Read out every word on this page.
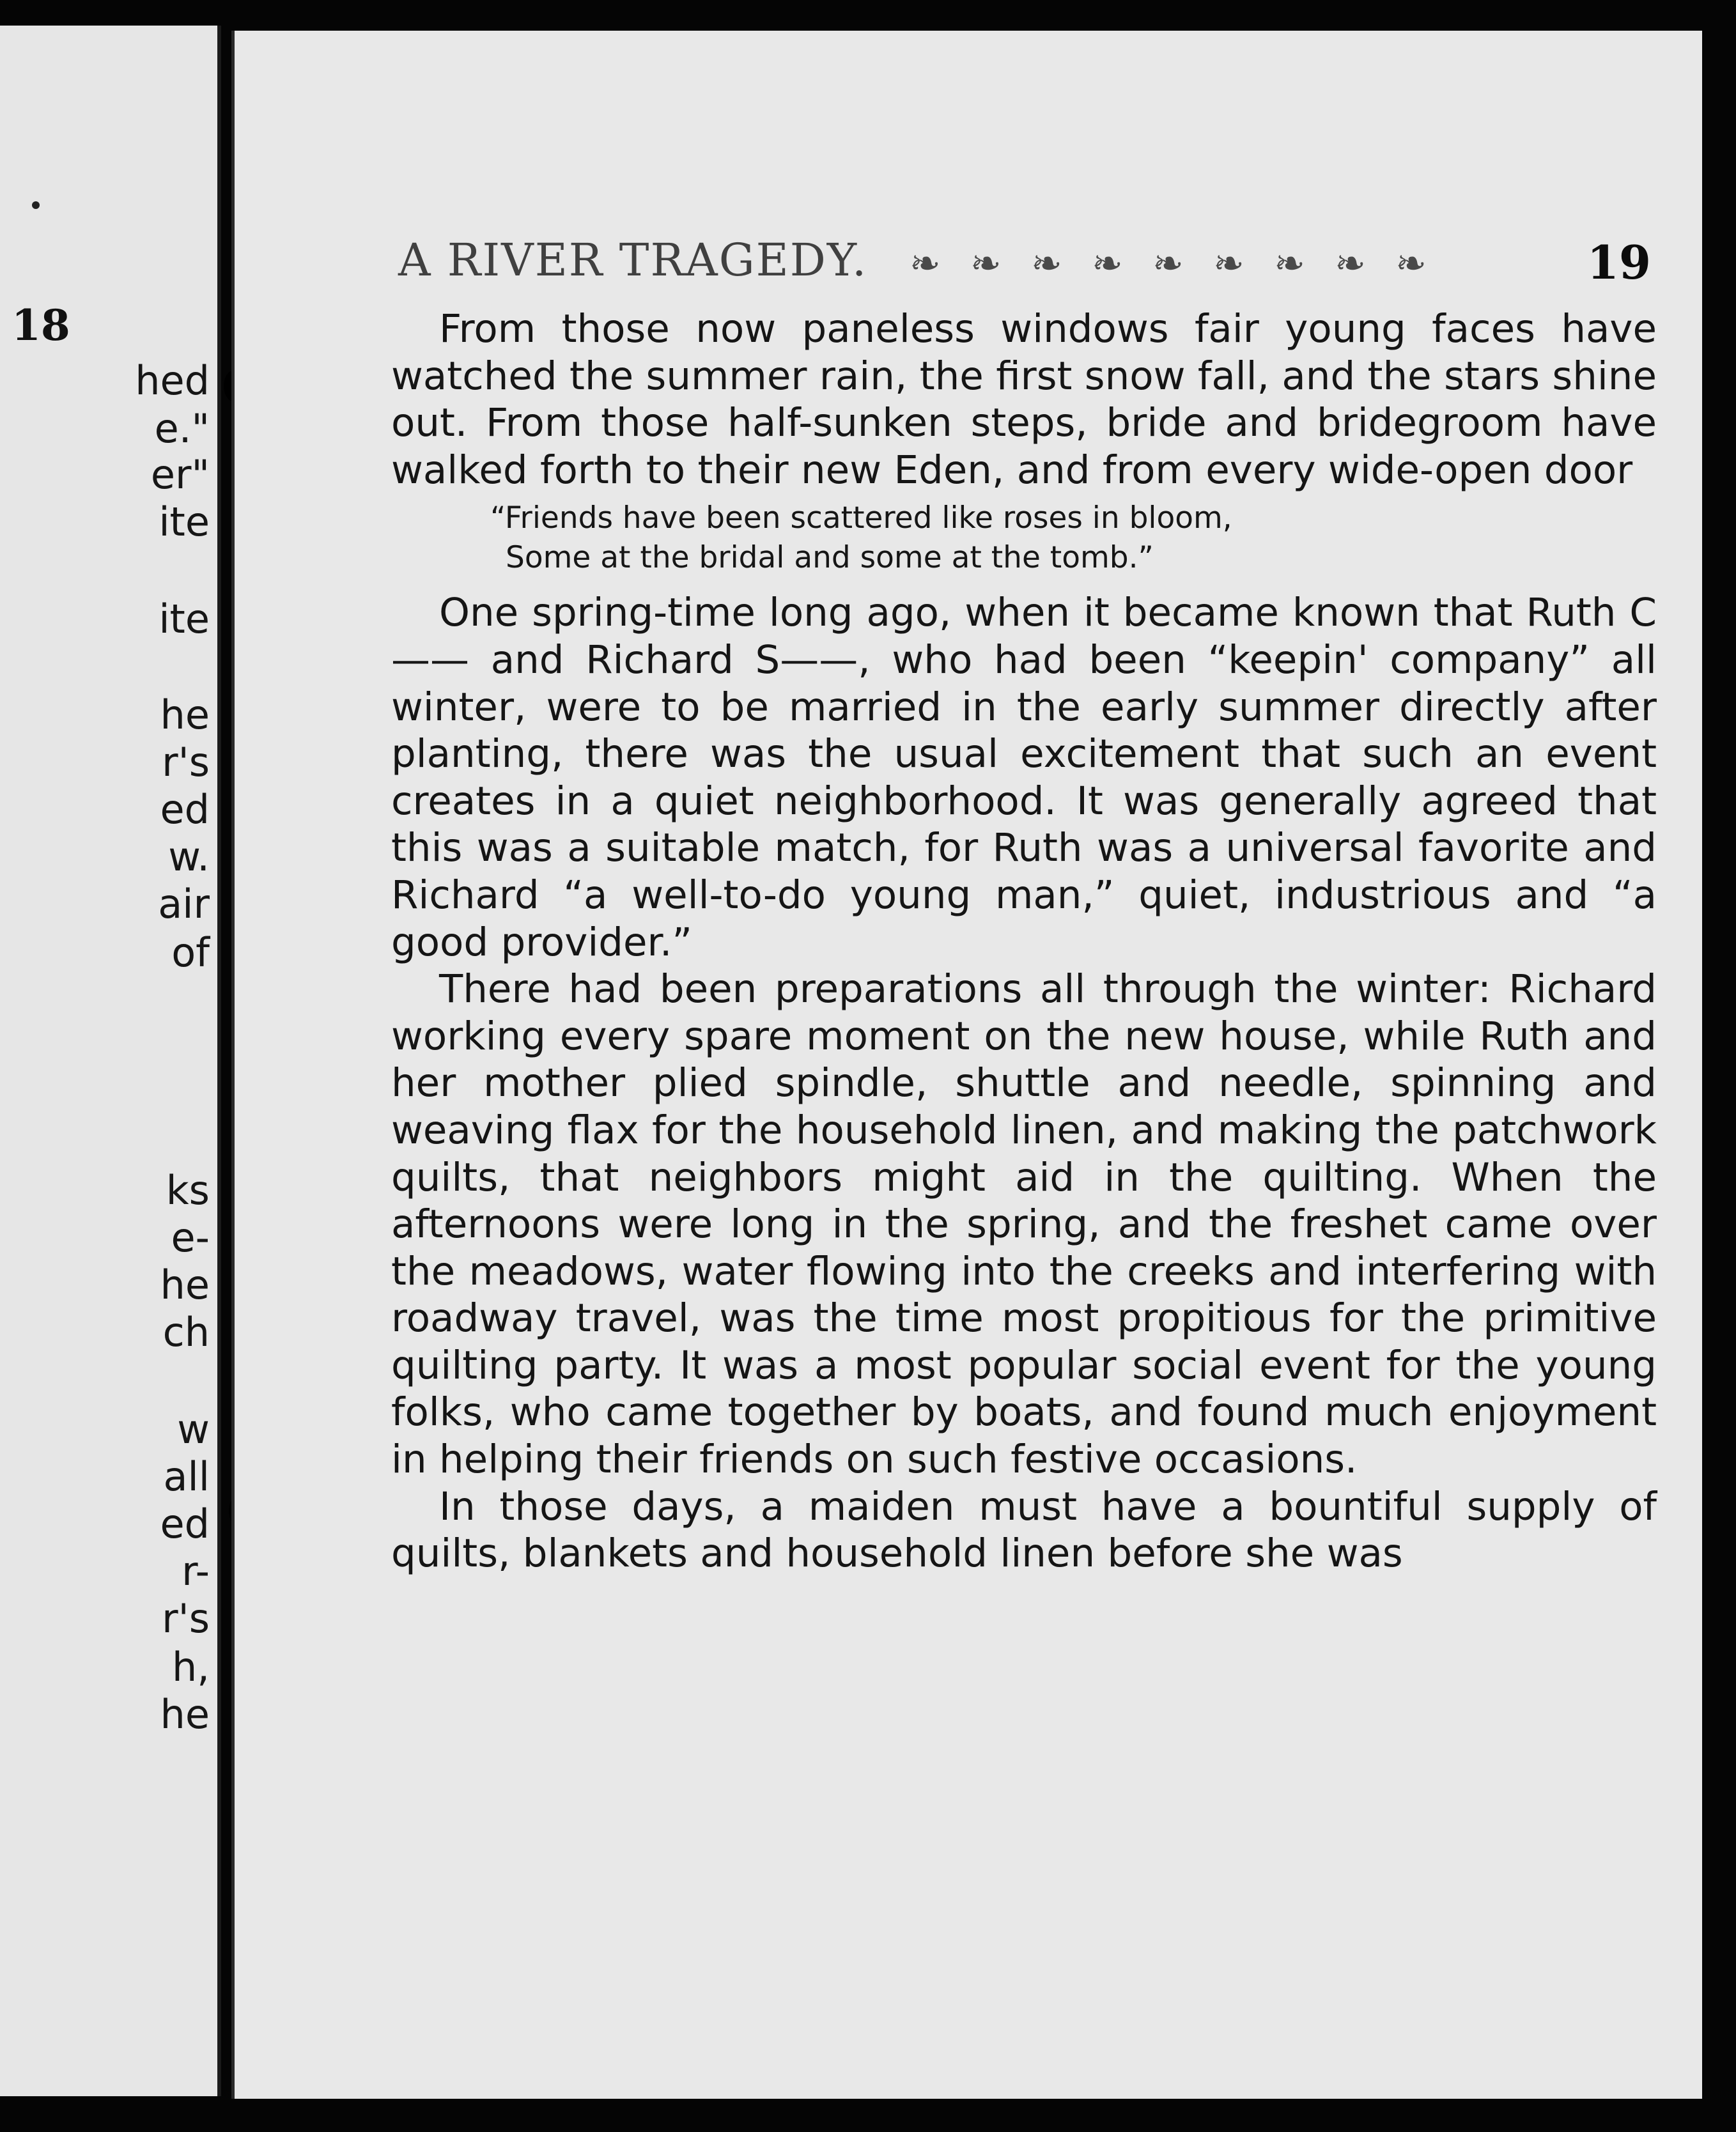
18
hed
e."
er"
ite
ite
he
r's
ed
w.
air
of
ks
e-
he
ch
w
all
ed
r-
r's
h,
he
A RIVER TRAGEDY. ❧ ❧ ❧ ❧ ❧ ❧ ❧ ❧ ❧	19

From those now paneless windows fair young faces have watched the summer rain, the first snow fall, and the stars shine out. From those half-sunken steps, bride and bridegroom have walked forth to their new Eden, and from every wide-open door

“Friends have been scattered like roses in bloom,
Some at the bridal and some at the tomb.”

One spring-time long ago, when it became known that Ruth C—— and Richard S——, who had been “keepin' company” all winter, were to be married in the early summer directly after planting, there was the usual excitement that such an event creates in a quiet neighborhood. It was generally agreed that this was a suitable match, for Ruth was a universal favorite and Richard “a well-to-do young man,” quiet, industrious and “a good provider.”

There had been preparations all through the winter: Richard working every spare moment on the new house, while Ruth and her mother plied spindle, shuttle and needle, spinning and weaving flax for the household linen, and making the patchwork quilts, that neighbors might aid in the quilting. When the afternoons were long in the spring, and the freshet came over the meadows, water flowing into the creeks and interfering with roadway travel, was the time most propitious for the primitive quilting party. It was a most popular social event for the young folks, who came together by boats, and found much enjoyment in helping their friends on such festive occasions.

In those days, a maiden must have a bountiful supply of quilts, blankets and household linen before she was
